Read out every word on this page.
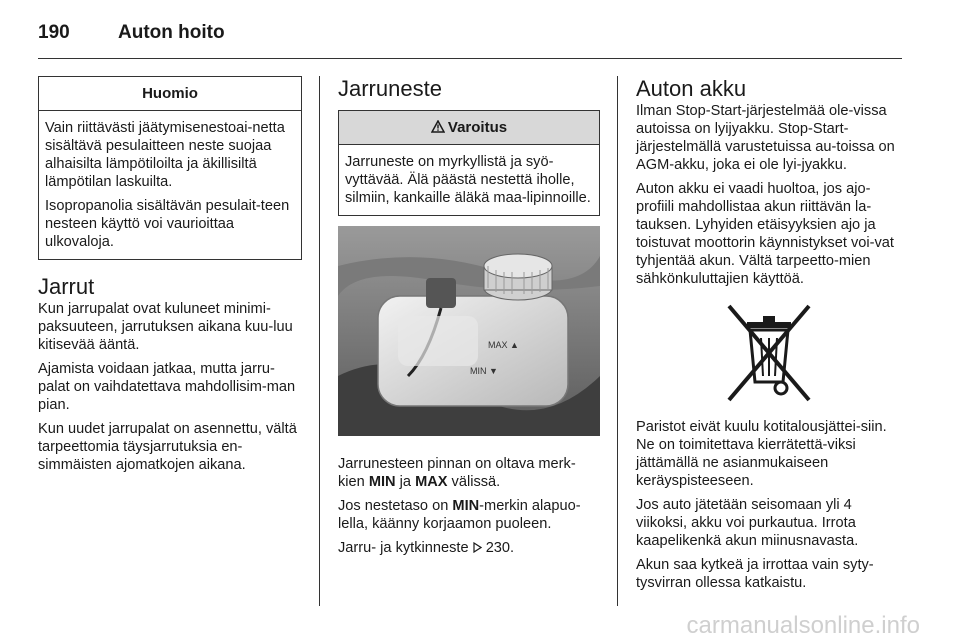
190	Auton hoito
Huomio

Vain riittävästi jäätymisenestoai-netta sisältävä pesulaitteen neste suojaa alhaisilta lämpötiloilta ja äkillisiltä lämpötilan laskuilta.

Isopropanolia sisältävän pesulait-teen nesteen käyttö voi vaurioittaa ulkovaloja.

Jarrut

Kun jarrupalat ovat kuluneet minimi-paksuuteen, jarrutuksen aikana kuu-luu kitisevää ääntä.

Ajamista voidaan jatkaa, mutta jarru-palat on vaihdatettava mahdollisim-man pian.

Kun uudet jarrupalat on asennettu, vältä tarpeettomia täysjarrutuksia en-simmäisten ajomatkojen aikana.

Jarruneste
Varoitus

Jarruneste on myrkyllistä ja syö-vyttävää. Älä päästä nestettä iholle, silmiin, kankaille äläkä maa-lipinnoille.

MAX ▲
MIN ▼

Jarrunesteen pinnan on oltava merk-kien MIN ja MAX välissä.

Jos nestetaso on MIN-merkin alapuo-lella, käänny korjaamon puoleen.

Jarru- ja kytkinneste  230.

Auton akku

Ilman Stop-Start-järjestelmää ole-vissa autoissa on lyijyakku. Stop-Start-järjestelmällä varustetuissa au-toissa on AGM-akku, joka ei ole lyi-jyakku.

Auton akku ei vaadi huoltoa, jos ajo-profiili mahdollistaa akun riittävän la-tauksen. Lyhyiden etäisyyksien ajo ja toistuvat moottorin käynnistykset voi-vat tyhjentää akun. Vältä tarpeetto-mien sähkönkuluttajien käyttöä.

Paristot eivät kuulu kotitalousjättei-siin. Ne on toimitettava kierrätettä-viksi jättämällä ne asianmukaiseen keräyspisteeseen.

Jos auto jätetään seisomaan yli 4 viikoksi, akku voi purkautua. Irrota kaapelikenkä akun miinusnavasta.

Akun saa kytkeä ja irrottaa vain syty-tysvirran ollessa katkaistu.

carmanualsonline.info
